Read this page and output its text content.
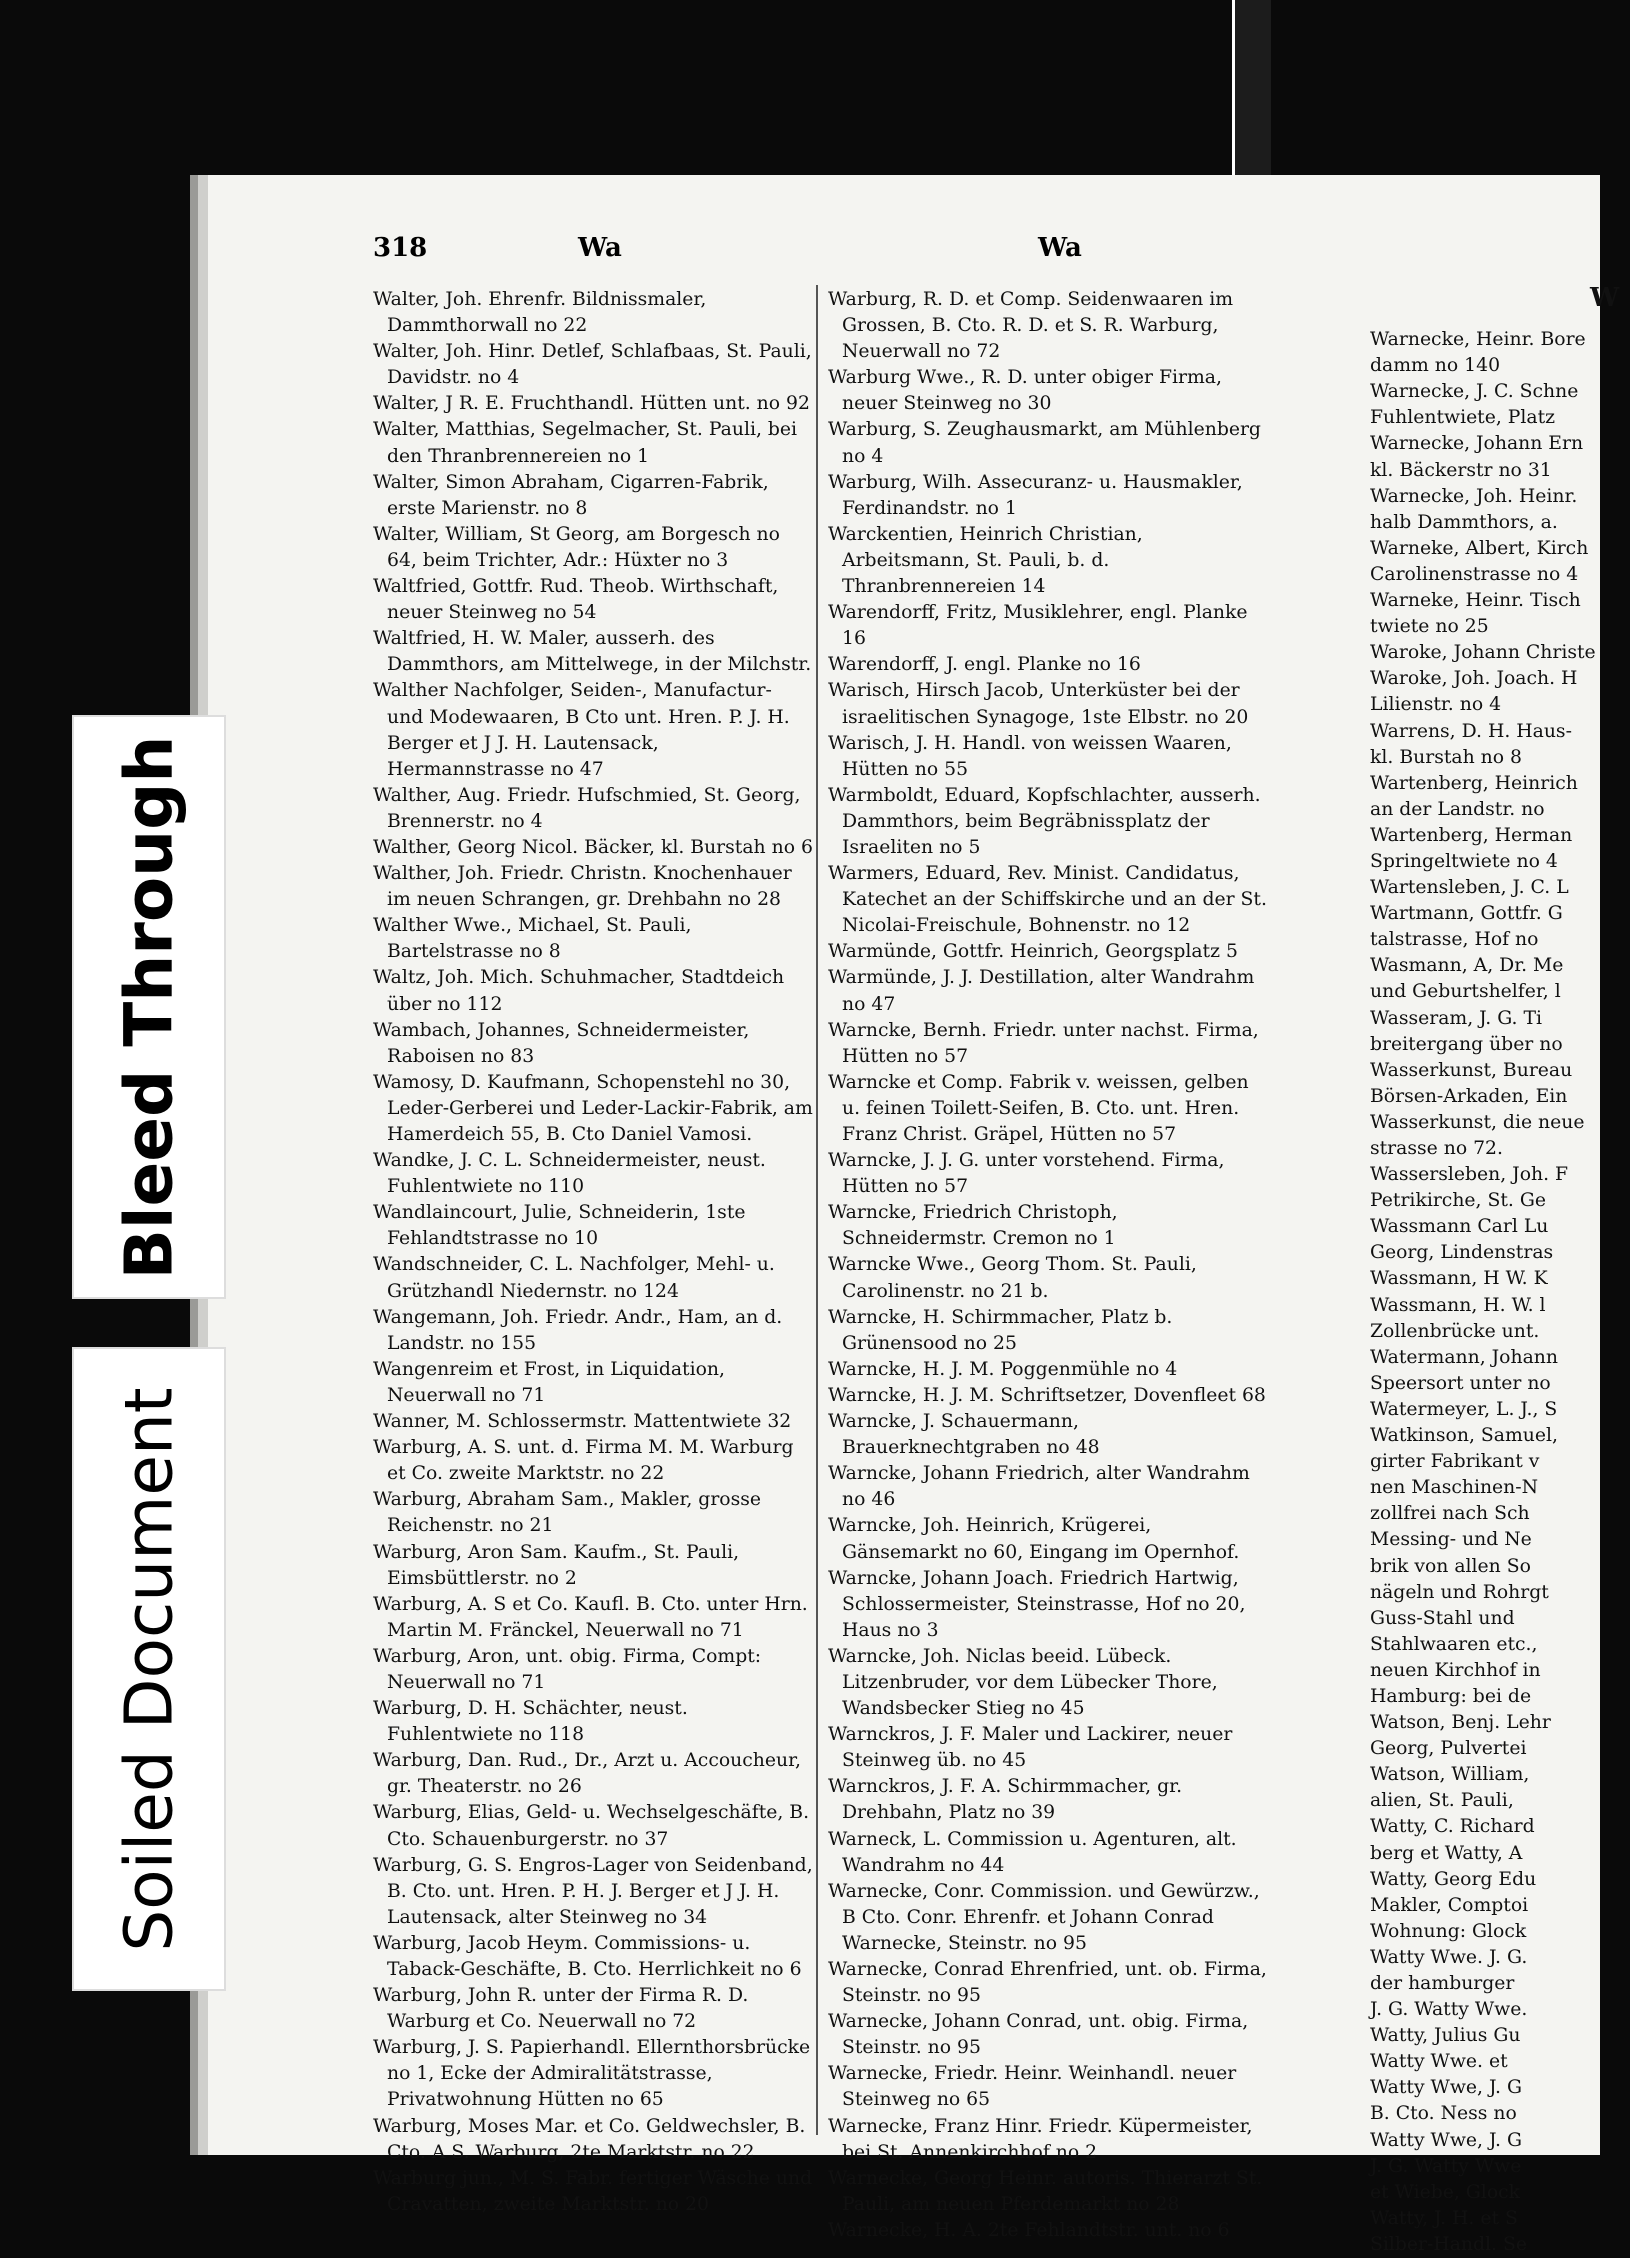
318	Wa	Wa
Walter, Joh. Ehrenfr. Bildnissmaler, Dammthorwall no 22
Walter, Joh. Hinr. Detlef, Schlafbaas, St. Pauli, Davidstr. no 4
Walter, J R. E. Fruchthandl. Hütten unt. no 92
Walter, Matthias, Segelmacher, St. Pauli, bei den Thranbrennereien no 1
Walter, Simon Abraham, Cigarren-Fabrik, erste Marienstr. no 8
Walter, William, St Georg, am Borgesch no 64, beim Trichter, Adr.: Hüxter no 3
Waltfried, Gottfr. Rud. Theob. Wirthschaft, neuer Steinweg no 54
Waltfried, H. W. Maler, ausserh. des Dammthors, am Mittelwege, in der Milchstr.
Walther Nachfolger, Seiden-, Manufactur- und Modewaaren, B Cto unt. Hren. P. J. H. Berger et J J. H. Lautensack, Hermannstrasse no 47
Walther, Aug. Friedr. Hufschmied, St. Georg, Brennerstr. no 4
Walther, Georg Nicol. Bäcker, kl. Burstah no 6
Walther, Joh. Friedr. Christn. Knochenhauer im neuen Schrangen, gr. Drehbahn no 28
Walther Wwe., Michael, St. Pauli, Bartelstrasse no 8
Waltz, Joh. Mich. Schuhmacher, Stadtdeich über no 112
Wambach, Johannes, Schneidermeister, Raboisen no 83
Wamosy, D. Kaufmann, Schopenstehl no 30, Leder-Gerberei und Leder-Lackir-Fabrik, am Hamerdeich 55, B. Cto Daniel Vamosi.
Wandke, J. C. L. Schneidermeister, neust. Fuhlentwiete no 110
Wandlaincourt, Julie, Schneiderin, 1ste Fehlandtstrasse no 10
Wandschneider, C. L. Nachfolger, Mehl- u. Grützhandl Niedernstr. no 124
Wangemann, Joh. Friedr. Andr., Ham, an d. Landstr. no 155
Wangenreim et Frost, in Liquidation, Neuerwall no 71
Wanner, M. Schlossermstr. Mattentwiete 32
Warburg, A. S. unt. d. Firma M. M. Warburg et Co. zweite Marktstr. no 22
Warburg, Abraham Sam., Makler, grosse Reichenstr. no 21
Warburg, Aron Sam. Kaufm., St. Pauli, Eimsbüttlerstr. no 2
Warburg, A. S et Co. Kaufl. B. Cto. unter Hrn. Martin M. Fränckel, Neuerwall no 71
Warburg, Aron, unt. obig. Firma, Compt: Neuerwall no 71
Warburg, D. H. Schächter, neust. Fuhlentwiete no 118
Warburg, Dan. Rud., Dr., Arzt u. Accoucheur, gr. Theaterstr. no 26
Warburg, Elias, Geld- u. Wechselgeschäfte, B. Cto. Schauenburgerstr. no 37
Warburg, G. S. Engros-Lager von Seidenband, B. Cto. unt. Hren. P. H. J. Berger et J J. H. Lautensack, alter Steinweg no 34
Warburg, Jacob Heym. Commissions- u. Taback-Geschäfte, B. Cto. Herrlichkeit no 6
Warburg, John R. unter der Firma R. D. Warburg et Co. Neuerwall no 72
Warburg, J. S. Papierhandl. Ellernthorsbrücke no 1, Ecke der Admiralitätstrasse, Privatwohnung Hütten no 65
Warburg, Moses Mar. et Co. Geldwechsler, B. Cto. A S. Warburg, 2te Marktstr. no 22
Warburg jun., M. S. Fabr. fertiger Wäsche und Cravatten, zweite Marktstr. no 20
Warburg, R. D. et Comp. Seidenwaaren im Grossen, B. Cto. R. D. et S. R. Warburg, Neuerwall no 72
Warburg Wwe., R. D. unter obiger Firma, neuer Steinweg no 30
Warburg, S. Zeughausmarkt, am Mühlenberg no 4
Warburg, Wilh. Assecuranz- u. Hausmakler, Ferdinandstr. no 1
Warckentien, Heinrich Christian, Arbeitsmann, St. Pauli, b. d. Thranbrennereien 14
Warendorff, Fritz, Musiklehrer, engl. Planke 16
Warendorff, J. engl. Planke no 16
Warisch, Hirsch Jacob, Unterküster bei der israelitischen Synagoge, 1ste Elbstr. no 20
Warisch, J. H. Handl. von weissen Waaren, Hütten no 55
Warmboldt, Eduard, Kopfschlachter, ausserh. Dammthors, beim Begräbnissplatz der Israeliten no 5
Warmers, Eduard, Rev. Minist. Candidatus, Katechet an der Schiffskirche und an der St. Nicolai-Freischule, Bohnenstr. no 12
Warmünde, Gottfr. Heinrich, Georgsplatz 5
Warmünde, J. J. Destillation, alter Wandrahm no 47
Warncke, Bernh. Friedr. unter nachst. Firma, Hütten no 57
Warncke et Comp. Fabrik v. weissen, gelben u. feinen Toilett-Seifen, B. Cto. unt. Hren. Franz Christ. Gräpel, Hütten no 57
Warncke, J. J. G. unter vorstehend. Firma, Hütten no 57
Warncke, Friedrich Christoph, Schneidermstr. Cremon no 1
Warncke Wwe., Georg Thom. St. Pauli, Carolinenstr. no 21 b.
Warncke, H. Schirmmacher, Platz b. Grünensood no 25
Warncke, H. J. M. Poggenmühle no 4
Warncke, H. J. M. Schriftsetzer, Dovenfleet 68
Warncke, J. Schauermann, Brauerknechtgraben no 48
Warncke, Johann Friedrich, alter Wandrahm no 46
Warncke, Joh. Heinrich, Krügerei, Gänsemarkt no 60, Eingang im Opernhof.
Warncke, Johann Joach. Friedrich Hartwig, Schlossermeister, Steinstrasse, Hof no 20, Haus no 3
Warncke, Joh. Niclas beeid. Lübeck. Litzenbruder, vor dem Lübecker Thore, Wandsbecker Stieg no 45
Warnckros, J. F. Maler und Lackirer, neuer Steinweg üb. no 45
Warnckros, J. F. A. Schirmmacher, gr. Drehbahn, Platz no 39
Warneck, L. Commission u. Agenturen, alt. Wandrahm no 44
Warnecke, Conr. Commission. und Gewürzw., B Cto. Conr. Ehrenfr. et Johann Conrad Warnecke, Steinstr. no 95
Warnecke, Conrad Ehrenfried, unt. ob. Firma, Steinstr. no 95
Warnecke, Johann Conrad, unt. obig. Firma, Steinstr. no 95
Warnecke, Friedr. Heinr. Weinhandl. neuer Steinweg no 65
Warnecke, Franz Hinr. Friedr. Küpermeister, bei St. Annenkirchhof no 2
Warnecke, Georg Heinr. autoris. Thierarzt St. Pauli, am neuen Pferdemarkt no 28
Warnecke, H. A. 2te Fehlandtstr. unt. no 6
W
Warnecke, Heinr. Bore
damm no 140
Warnecke, J. C. Schne
Fuhlentwiete, Platz
Warnecke, Johann Ern
kl. Bäckerstr no 31
Warnecke, Joh. Heinr.
halb Dammthors, a.
Warneke, Albert, Kirch
Carolinenstrasse no 4
Warneke, Heinr. Tisch
twiete no 25
Waroke, Johann Christe
Waroke, Joh. Joach. H
Lilienstr. no 4
Warrens, D. H. Haus-
kl. Burstah no 8
Wartenberg, Heinrich
an der Landstr. no
Wartenberg, Herman
Springeltwiete no 4
Wartensleben, J. C. L
Wartmann, Gottfr. G
talstrasse, Hof no
Wasmann, A, Dr. Me
und Geburtshelfer, l
Wasseram, J. G. Ti
breitergang über no
Wasserkunst, Bureau
Börsen-Arkaden, Ein
Wasserkunst, die neue
strasse no 72.
Wassersleben, Joh. F
Petrikirche, St. Ge
Wassmann Carl Lu
Georg, Lindenstras
Wassmann, H W. K
Wassmann, H. W. l
Zollenbrücke unt.
Watermann, Johann
Speersort unter no
Watermeyer, L. J., S
Watkinson, Samuel,
girter Fabrikant v
nen Maschinen-N
zollfrei nach Sch
Messing- und Ne
brik von allen So
nägeln und Rohrgt
Guss-Stahl und
Stahlwaaren etc.,
neuen Kirchhof in
Hamburg: bei de
Watson, Benj. Lehr
Georg, Pulvertei
Watson, William,
alien, St. Pauli,
Watty, C. Richard
berg et Watty, A
Watty, Georg Edu
Makler, Comptoi
Wohnung: Glock
Watty Wwe. J. G.
der hamburger
J. G. Watty Wwe.
Watty, Julius Gu
Watty Wwe. et
Watty Wwe, J. G
B. Cto. Ness no
Watty Wwe, J. G
J. G. Watty Wwe
et Wiebe, Glock
Watty, J. H. et S
Silber-Handl. Se
Bleed Through
Soiled Document
